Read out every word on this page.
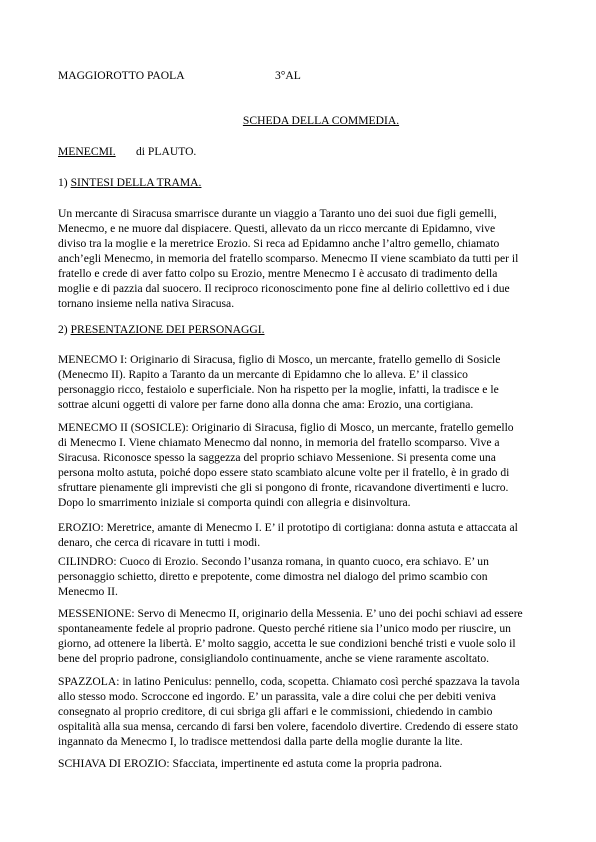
MAGGIOROTTO PAOLA	3°AL
SCHEDA DELLA COMMEDIA.
MENECMI. di PLAUTO.
1) SINTESI DELLA TRAMA.
Un mercante di Siracusa smarrisce durante un viaggio a Taranto uno dei suoi due figli gemelli,
Menecmo, e ne muore dal dispiacere. Questi, allevato da un ricco mercante di Epidamno, vive
diviso tra la moglie e la meretrice Erozio. Si reca ad Epidamno anche l’altro gemello, chiamato
anch’egli Menecmo, in memoria del fratello scomparso. Menecmo II viene scambiato da tutti per il
fratello e crede di aver fatto colpo su Erozio, mentre Menecmo I è accusato di tradimento della
moglie e di pazzia dal suocero. Il reciproco riconoscimento pone fine al delirio collettivo ed i due
tornano insieme nella nativa Siracusa.
2) PRESENTAZIONE DEI PERSONAGGI.
MENECMO I: Originario di Siracusa, figlio di Mosco, un mercante, fratello gemello di Sosicle
(Menecmo II). Rapito a Taranto da un mercante di Epidamno che lo alleva. E’ il classico
personaggio ricco, festaiolo e superficiale. Non ha rispetto per la moglie, infatti, la tradisce e le
sottrae alcuni oggetti di valore per farne dono alla donna che ama: Erozio, una cortigiana.
MENECMO II (SOSICLE): Originario di Siracusa, figlio di Mosco, un mercante, fratello gemello
di Menecmo I. Viene chiamato Menecmo dal nonno, in memoria del fratello scomparso. Vive a
Siracusa. Riconosce spesso la saggezza del proprio schiavo Messenione. Si presenta come una
persona molto astuta, poiché dopo essere stato scambiato alcune volte per il fratello, è in grado di
sfruttare pienamente gli imprevisti che gli si pongono di fronte, ricavandone divertimenti e lucro.
Dopo lo smarrimento iniziale si comporta quindi con allegria e disinvoltura.
EROZIO: Meretrice, amante di Menecmo I. E’ il prototipo di cortigiana: donna astuta e attaccata al
denaro, che cerca di ricavare in tutti i modi.
CILINDRO: Cuoco di Erozio. Secondo l’usanza romana, in quanto cuoco, era schiavo. E’ un
personaggio schietto, diretto e prepotente, come dimostra nel dialogo del primo scambio con
Menecmo II.
MESSENIONE: Servo di Menecmo II, originario della Messenia. E’ uno dei pochi schiavi ad essere
spontaneamente fedele al proprio padrone. Questo perché ritiene sia l’unico modo per riuscire, un
giorno, ad ottenere la libertà. E’ molto saggio, accetta le sue condizioni benché tristi e vuole solo il
bene del proprio padrone, consigliandolo continuamente, anche se viene raramente ascoltato.
SPAZZOLA: in latino Peniculus: pennello, coda, scopetta. Chiamato così perché spazzava la tavola
allo stesso modo. Scroccone ed ingordo. E’ un parassita, vale a dire colui che per debiti veniva
consegnato al proprio creditore, di cui sbriga gli affari e le commissioni, chiedendo in cambio
ospitalità alla sua mensa, cercando di farsi ben volere, facendolo divertire. Credendo di essere stato
ingannato da Menecmo I, lo tradisce mettendosi dalla parte della moglie durante la lite.
SCHIAVA DI EROZIO: Sfacciata, impertinente ed astuta come la propria padrona.
